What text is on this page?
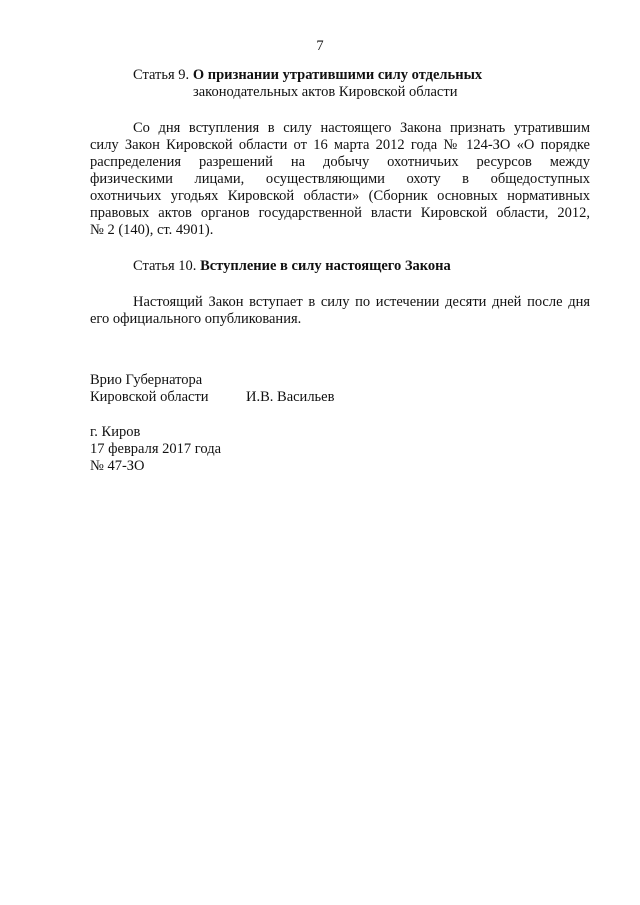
7
Статья 9. О признании утратившими силу отдельных
законодательных актов Кировской области
Со дня вступления в силу настоящего Закона признать утратившим
силу Закон Кировской области от 16 марта 2012 года № 124-ЗО «О порядке
распределения разрешений на добычу охотничьих ресурсов между
физическими лицами, осуществляющими охоту в общедоступных
охотничьих угодьях Кировской области» (Сборник основных нормативных
правовых актов органов государственной власти Кировской области, 2012,
№ 2 (140), ст. 4901).
Статья 10. Вступление в силу настоящего Закона
Настоящий Закон вступает в силу по истечении десяти дней после дня
его официального опубликования.
Врио Губернатора
Кировской области	И.В. Васильев
г. Киров
17 февраля 2017 года
№ 47-ЗО
